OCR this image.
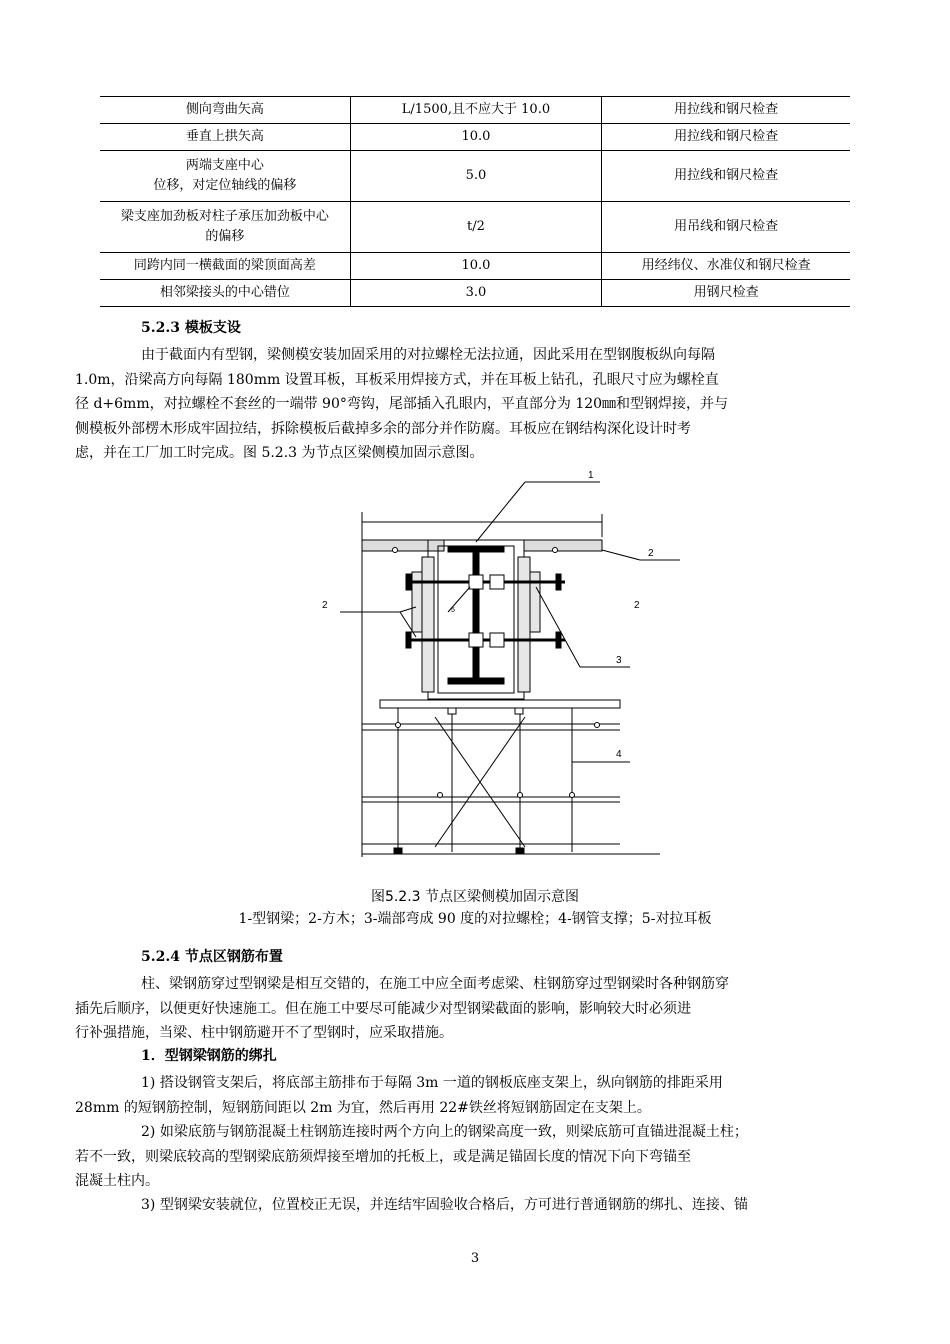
侧向弯曲矢高	L/1500,且不应大于 10.0	用拉线和钢尺检查
垂直上拱矢高	10.0	用拉线和钢尺检查
两端支座中心
位移，对定位轴线的偏移	5.0	用拉线和钢尺检查
梁支座加劲板对柱子承压加劲板中心
的偏移	t/2	用吊线和钢尺检查
同跨内同一横截面的梁顶面高差	10.0	用经纬仪、水准仪和钢尺检查
相邻梁接头的中心错位	3.0	用钢尺检查
5.2.3 模板支设
由于截面内有型钢，梁侧模安装加固采用的对拉螺栓无法拉通，因此采用在型钢腹板纵向每隔
1.0m，沿梁高方向每隔 180mm 设置耳板，耳板采用焊接方式，并在耳板上钻孔，孔眼尺寸应为螺栓直
径 d+6mm，对拉螺栓不套丝的一端带 90°弯钩，尾部插入孔眼内，平直部分为 120㎜和型钢焊接，并与
侧模板外部楞木形成牢固拉结，拆除模板后截掉多余的部分并作防腐。耳板应在钢结构深化设计时考
虑，并在工厂加工时完成。图 5.2.3 为节点区梁侧模加固示意图。
1
2
2	2
3
4
5
图5.2.3 节点区梁侧模加固示意图
1-型钢梁；2-方木；3-端部弯成 90 度的对拉螺栓；4-钢管支撑；5-对拉耳板
5.2.4 节点区钢筋布置
柱、梁钢筋穿过型钢梁是相互交错的，在施工中应全面考虑梁、柱钢筋穿过型钢梁时各种钢筋穿
插先后顺序，以便更好快速施工。但在施工中要尽可能减少对型钢梁截面的影响，影响较大时必须进
行补强措施，当梁、柱中钢筋避开不了型钢时，应采取措施。
1．型钢梁钢筋的绑扎
1) 搭设钢管支架后，将底部主筋排布于每隔 3m 一道的钢板底座支架上，纵向钢筋的排距采用
28mm 的短钢筋控制，短钢筋间距以 2m 为宜，然后再用 22#铁丝将短钢筋固定在支架上。
2) 如梁底筋与钢筋混凝土柱钢筋连接时两个方向上的钢梁高度一致，则梁底筋可直锚进混凝土柱；
若不一致，则梁底较高的型钢梁底筋须焊接至增加的托板上，或是满足锚固长度的情况下向下弯锚至
混凝土柱内。
3) 型钢梁安装就位，位置校正无误，并连结牢固验收合格后，方可进行普通钢筋的绑扎、连接、锚
3
